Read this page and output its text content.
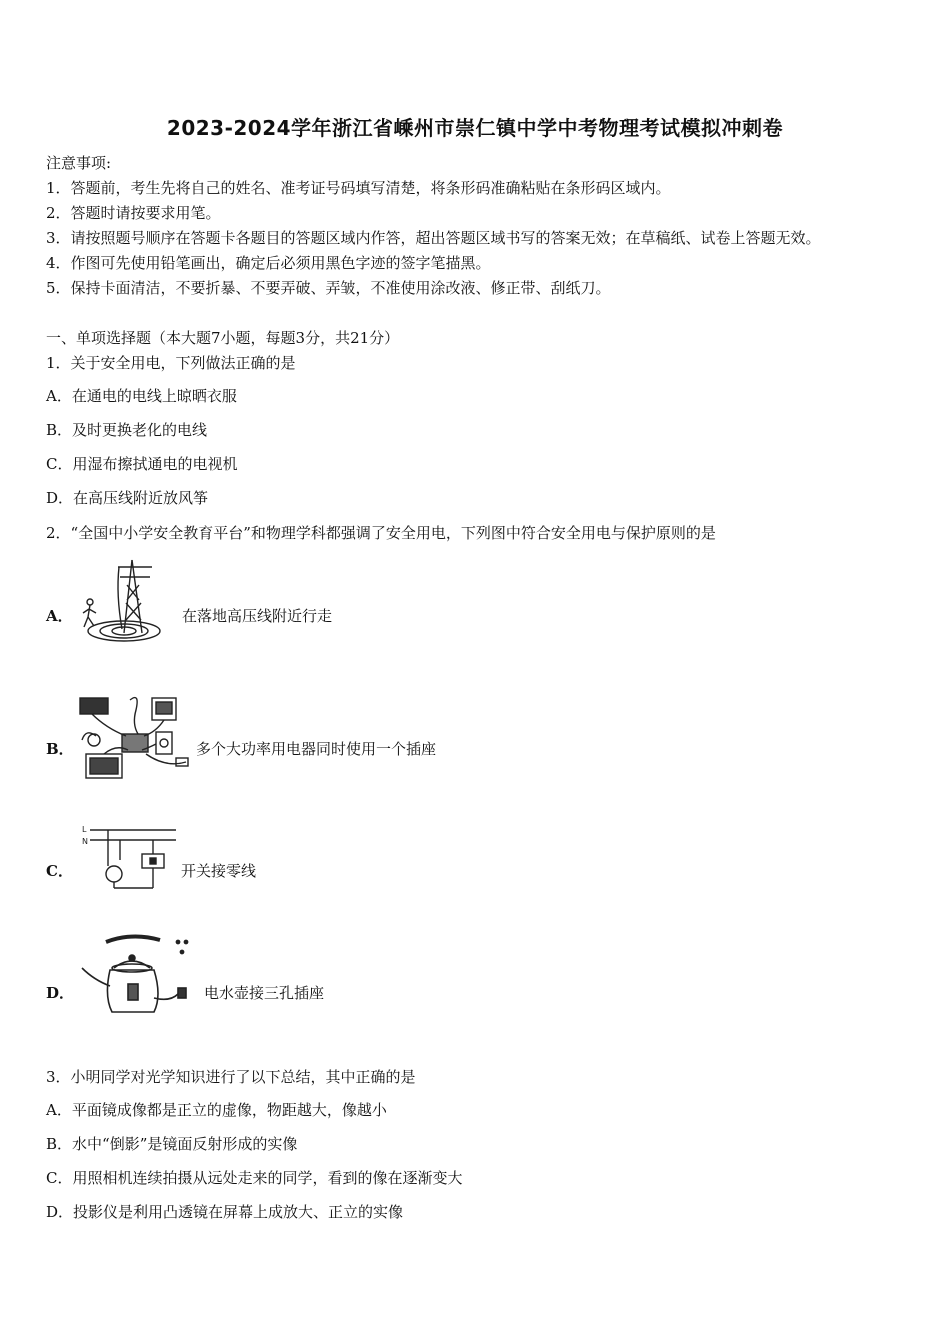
2023-2024学年浙江省嵊州市崇仁镇中学中考物理考试模拟冲刺卷
注意事项:
1．答题前，考生先将自己的姓名、准考证号码填写清楚，将条形码准确粘贴在条形码区域内。
2．答题时请按要求用笔。
3．请按照题号顺序在答题卡各题目的答题区域内作答，超出答题区域书写的答案无效；在草稿纸、试卷上答题无效。
4．作图可先使用铅笔画出，确定后必须用黑色字迹的签字笔描黑。
5．保持卡面清洁，不要折暴、不要弄破、弄皱，不准使用涂改液、修正带、刮纸刀。
一、单项选择题（本大题7小题，每题3分，共21分）
1．关于安全用电，下列做法正确的是
A．在通电的电线上晾晒衣服
B．及时更换老化的电线
C．用湿布擦拭通电的电视机
D．在高压线附近放风筝
2．“全国中小学安全教育平台”和物理学科都强调了安全用电，下列图中符合安全用电与保护原则的是
A．	在落地高压线附近行走
B．	多个大功率用电器同时使用一个插座
C．
L
N
开关接零线
D．	电水壶接三孔插座
3．小明同学对光学知识进行了以下总结，其中正确的是
A．平面镜成像都是正立的虚像，物距越大，像越小
B．水中“倒影”是镜面反射形成的实像
C．用照相机连续拍摄从远处走来的同学，看到的像在逐渐变大
D．投影仪是利用凸透镜在屏幕上成放大、正立的实像
